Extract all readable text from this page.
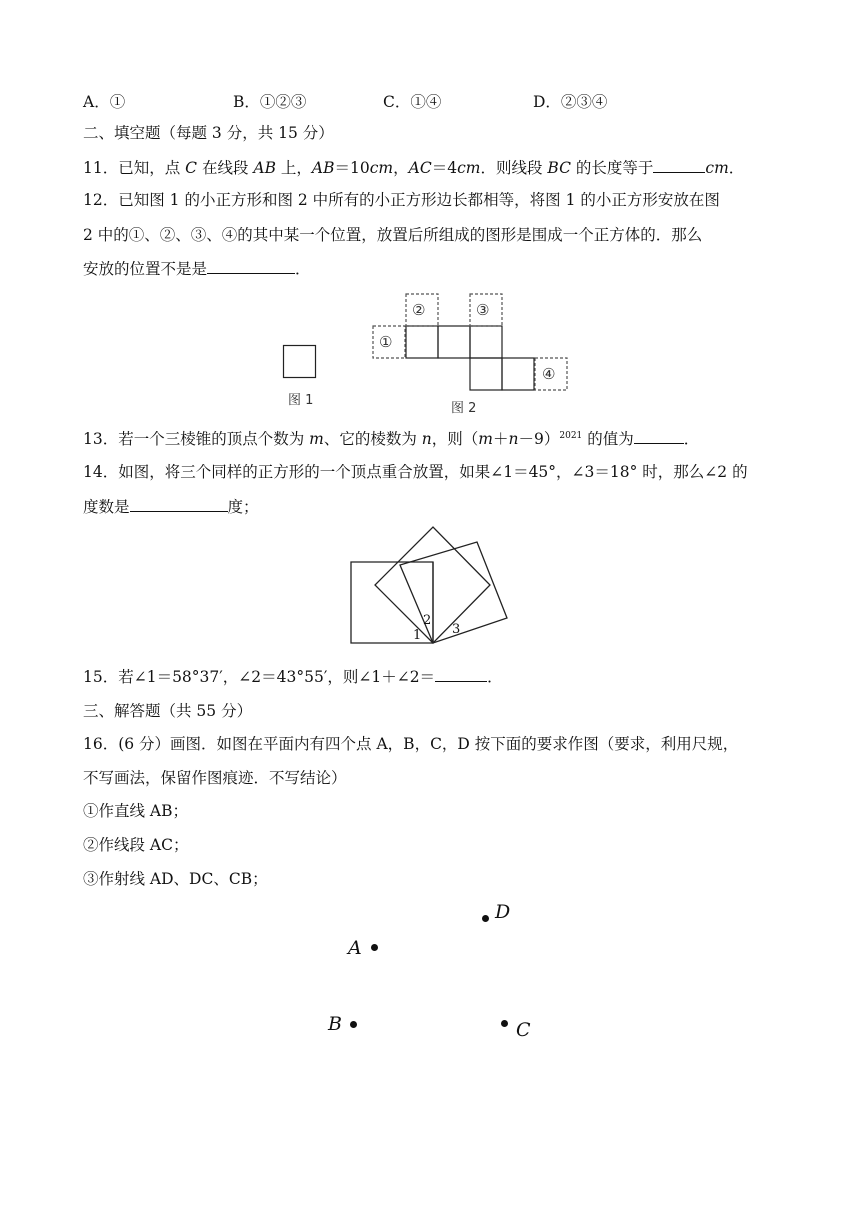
A．①	B．①②③	C．①④	D．②③④
二、填空题（每题 3 分，共 15 分）
11．已知，点 C 在线段 AB 上，AB＝10cm，AC＝4cm．则线段 BC 的长度等于	cm．
12．已知图 1 的小正方形和图 2 中所有的小正方形边长都相等，将图 1 的小正方形安放在图
2 中的①、②、③、④的其中某一个位置，放置后所组成的图形是围成一个正方体的．那么
安放的位置不是是	．
图 1
①
②	③
④
图 2
13．若一个三棱锥的顶点个数为 m、它的棱数为 n，则$(m+n-9)^{2021}$ 的值为	．
14．如图，将三个同样的正方形的一个顶点重合放置，如果∠1＝45°，∠3＝18° 时，那么∠2 的
度数是	度；
1
2
3
15．若∠1＝58°37′，∠2＝43°55′，则∠1＋∠2＝	．
三、解答题（共 55 分）
16．(6 分）画图．如图在平面内有四个点 A，B，C，D 按下面的要求作图（要求，利用尺规，
不写画法，保留作图痕迹．不写结论）
①作直线 AB；
②作线段 AC；
③作射线 AD、DC、CB；
D
A
B	C
